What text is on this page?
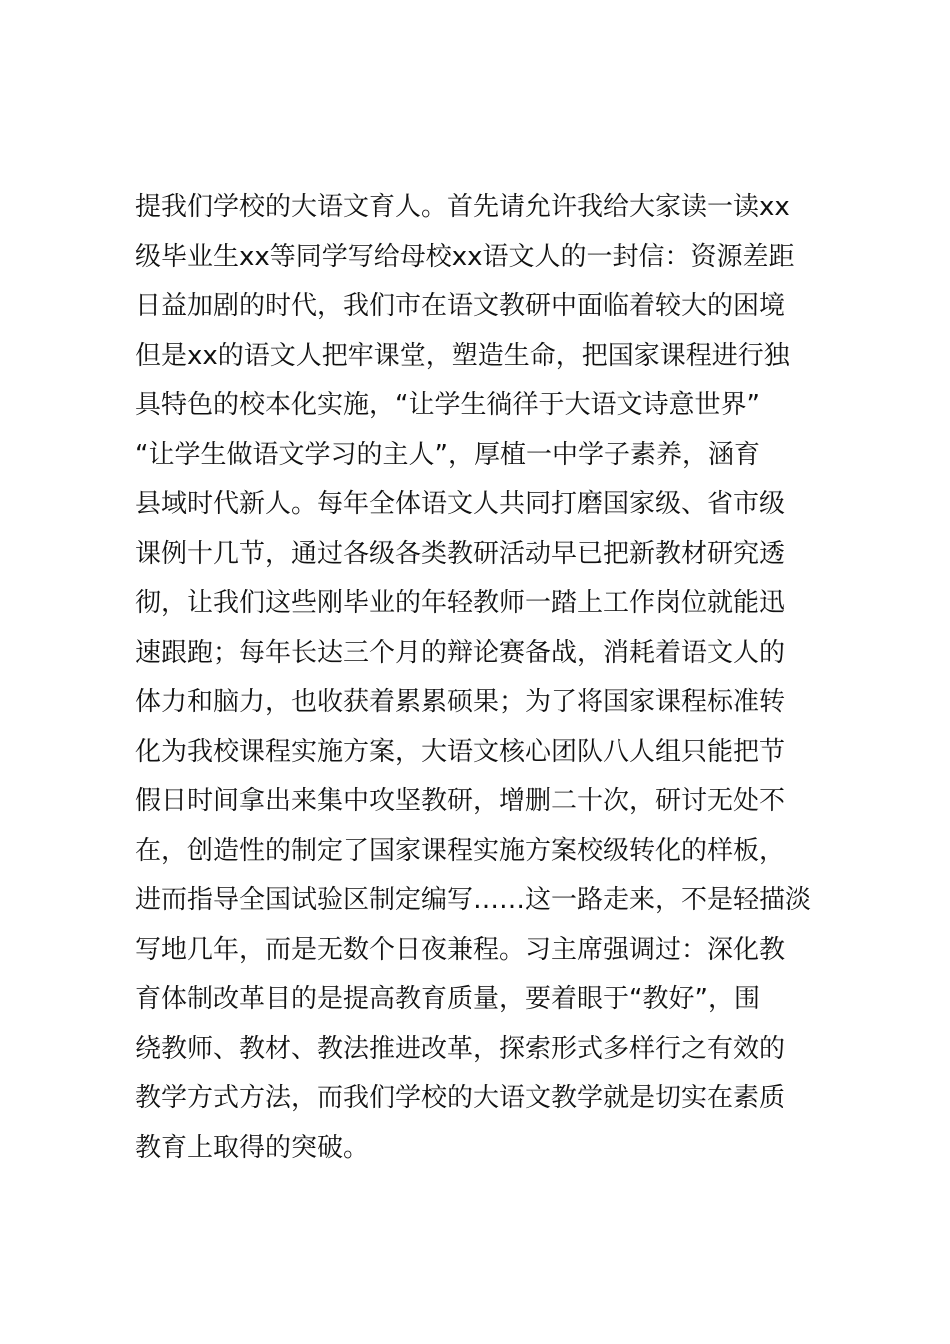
提我们学校的大语文育人。首先请允许我给大家读一读xx
级毕业生xx等同学写给母校xx语文人的一封信：资源差距
日益加剧的时代，我们市在语文教研中面临着较大的困境
但是xx的语文人把牢课堂，塑造生命，把国家课程进行独
具特色的校本化实施，“让学生徜徉于大语文诗意世界”
“让学生做语文学习的主人”，厚植一中学子素养，涵育
县域时代新人。每年全体语文人共同打磨国家级、省市级
课例十几节，通过各级各类教研活动早已把新教材研究透
彻，让我们这些刚毕业的年轻教师一踏上工作岗位就能迅
速跟跑；每年长达三个月的辩论赛备战，消耗着语文人的
体力和脑力，也收获着累累硕果；为了将国家课程标准转
化为我校课程实施方案，大语文核心团队八人组只能把节
假日时间拿出来集中攻坚教研，增删二十次，研讨无处不
在，创造性的制定了国家课程实施方案校级转化的样板，
进而指导全国试验区制定编写……这一路走来，不是轻描淡
写地几年，而是无数个日夜兼程。习主席强调过：深化教
育体制改革目的是提高教育质量，要着眼于“教好”，围
绕教师、教材、教法推进改革，探索形式多样行之有效的
教学方式方法，而我们学校的大语文教学就是切实在素质
教育上取得的突破。
